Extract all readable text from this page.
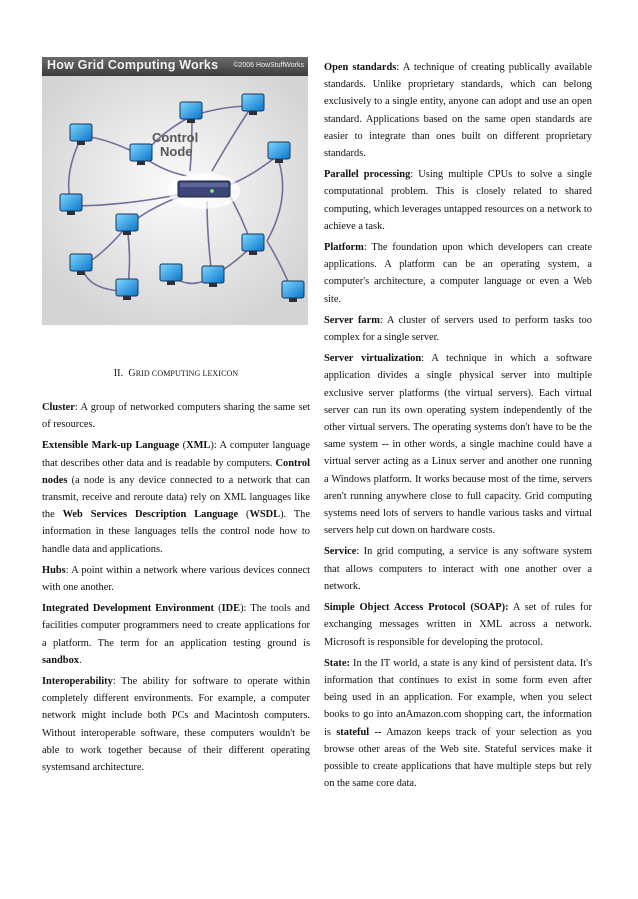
How Grid Computing Works ©2006 HowStuffWorks
Control
Node
II. GRID COMPUTING LEXICON

Cluster: A group of networked computers sharing the same set of resources.

Extensible Mark-up Language (XML): A computer language that describes other data and is readable by computers. Control nodes (a node is any device connected to a network that can transmit, receive and reroute data) rely on XML languages like the Web Services Description Language (WSDL). The information in these languages tells the control node how to handle data and applications.

Hubs: A point within a network where various devices connect with one another.

Integrated Development Environment (IDE): The tools and facilities computer programmers need to create applications for a platform. The term for an application testing ground is sandbox.

Interoperability: The ability for software to operate within completely different environments. For example, a computer network might include both PCs and Macintosh computers. Without interoperable software, these computers wouldn't be able to work together because of their different operating systemsand architecture.

Open standards: A technique of creating publically available standards. Unlike proprietary standards, which can belong exclusively to a single entity, anyone can adopt and use an open standard. Applications based on the same open standards are easier to integrate than ones built on different proprietary standards.

Parallel processing: Using multiple CPUs to solve a single computational problem. This is closely related to shared computing, which leverages untapped resources on a network to achieve a task.

Platform: The foundation upon which developers can create applications. A platform can be an operating system, a computer's architecture, a computer language or even a Web site.

Server farm: A cluster of servers used to perform tasks too complex for a single server.

Server virtualization: A technique in which a software application divides a single physical server into multiple exclusive server platforms (the virtual servers). Each virtual server can run its own operating system independently of the other virtual servers. The operating systems don't have to be the same system -- in other words, a single machine could have a virtual server acting as a Linux server and another one running a Windows platform. It works because most of the time, servers aren't running anywhere close to full capacity. Grid computing systems need lots of servers to handle various tasks and virtual servers help cut down on hardware costs.

Service: In grid computing, a service is any software system that allows computers to interact with one another over a network.

Simple Object Access Protocol (SOAP): A set of rules for exchanging messages written in XML across a network. Microsoft is responsible for developing the protocol.

State: In the IT world, a state is any kind of persistent data. It's information that continues to exist in some form even after being used in an application. For example, when you select books to go into anAmazon.com shopping cart, the information is stateful -- Amazon keeps track of your selection as you browse other areas of the Web site. Stateful services make it possible to create applications that have multiple steps but rely on the same core data.
